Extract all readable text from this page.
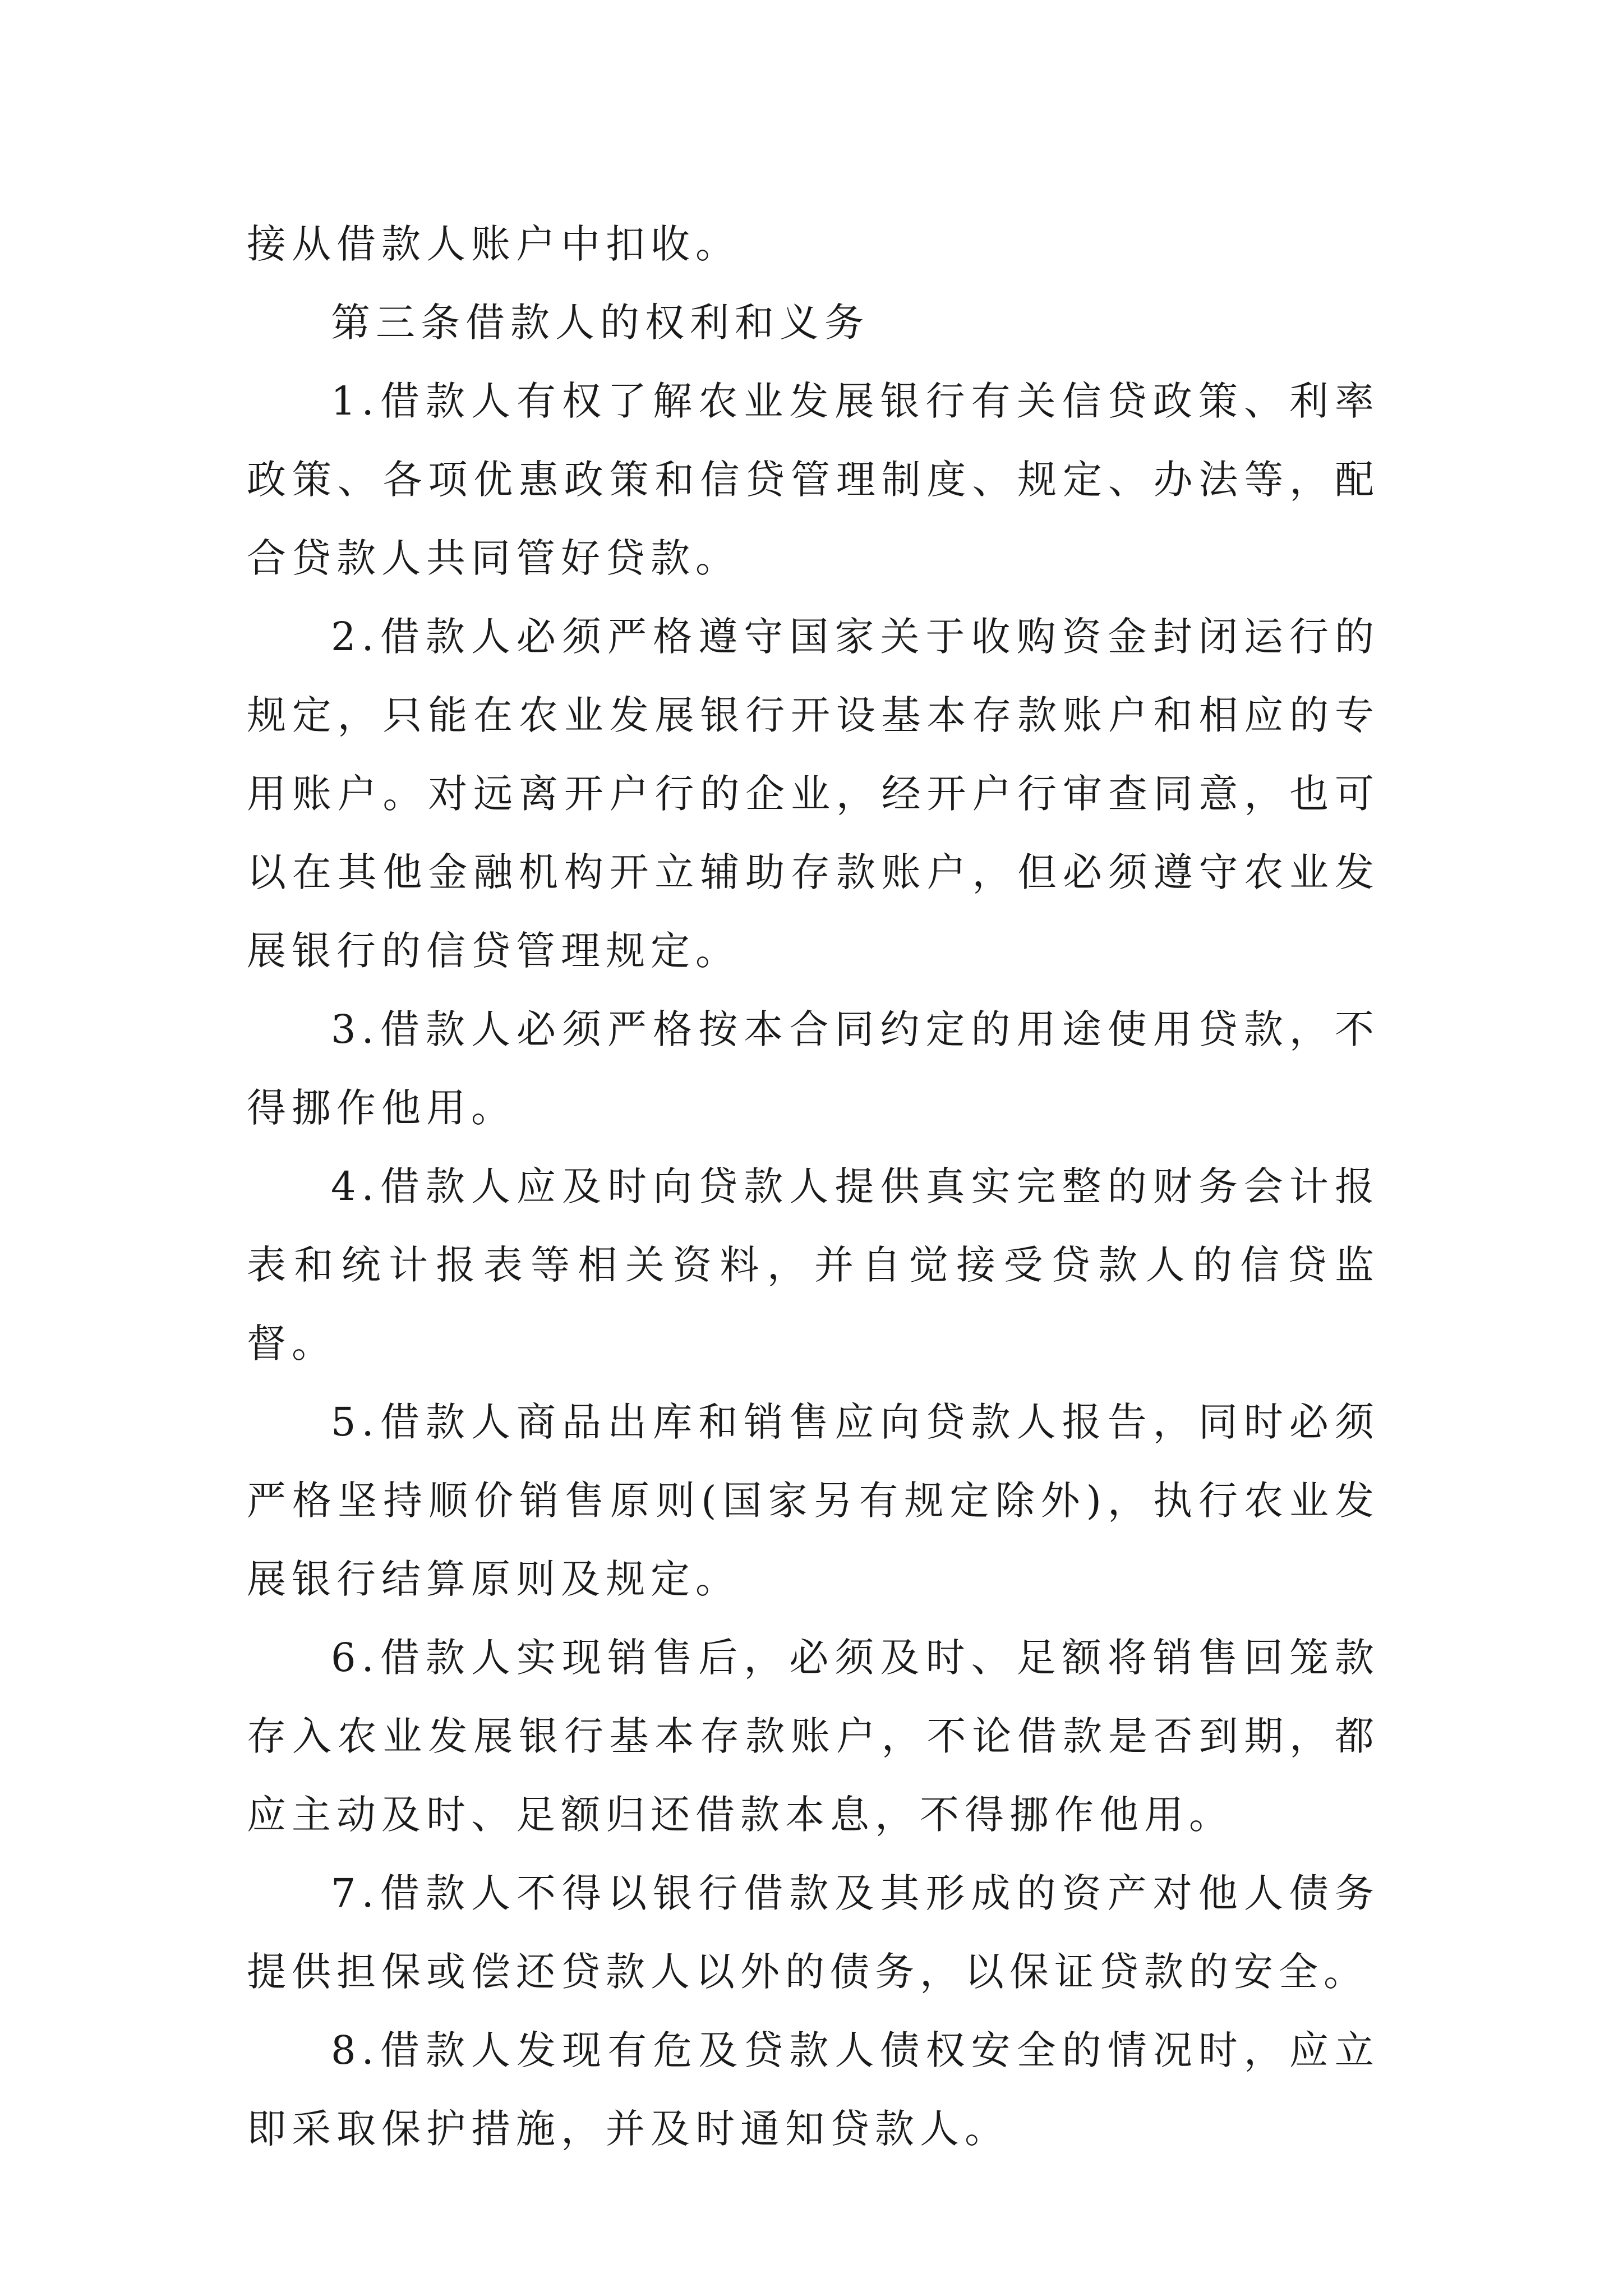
接从借款人账户中扣收。

第三条借款人的权利和义务

1.借款人有权了解农业发展银行有关信贷政策、利率政策、各项优惠政策和信贷管理制度、规定、办法等，配合贷款人共同管好贷款。

2.借款人必须严格遵守国家关于收购资金封闭运行的规定，只能在农业发展银行开设基本存款账户和相应的专用账户。对远离开户行的企业，经开户行审查同意，也可以在其他金融机构开立辅助存款账户，但必须遵守农业发展银行的信贷管理规定。

3.借款人必须严格按本合同约定的用途使用贷款，不得挪作他用。

4.借款人应及时向贷款人提供真实完整的财务会计报表和统计报表等相关资料，并自觉接受贷款人的信贷监督。

5.借款人商品出库和销售应向贷款人报告，同时必须严格坚持顺价销售原则(国家另有规定除外)，执行农业发展银行结算原则及规定。

6.借款人实现销售后，必须及时、足额将销售回笼款存入农业发展银行基本存款账户，不论借款是否到期，都应主动及时、足额归还借款本息，不得挪作他用。

7.借款人不得以银行借款及其形成的资产对他人债务提供担保或偿还贷款人以外的债务，以保证贷款的安全。

8.借款人发现有危及贷款人债权安全的情况时，应立即采取保护措施，并及时通知贷款人。
